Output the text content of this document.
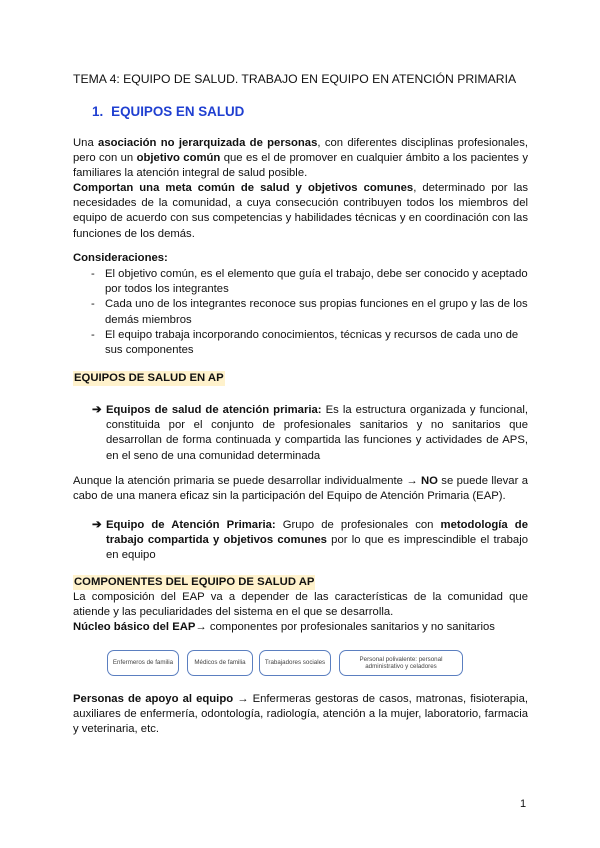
TEMA 4: EQUIPO DE SALUD. TRABAJO EN EQUIPO EN ATENCIÓN PRIMARIA
1. EQUIPOS EN SALUD

Una asociación no jerarquizada de personas, con diferentes disciplinas profesionales, pero con un objetivo común que es el de promover en cualquier ámbito a los pacientes y familiares la atención integral de salud posible.

Comportan una meta común de salud y objetivos comunes, determinado por las necesidades de la comunidad, a cuya consecución contribuyen todos los miembros del equipo de acuerdo con sus competencias y habilidades técnicas y en coordinación con las funciones de los demás.

Consideraciones:
- El objetivo común, es el elemento que guía el trabajo, debe ser conocido y aceptado por todos los integrantes
- Cada uno de los integrantes reconoce sus propias funciones en el grupo y las de los demás miembros
- El equipo trabaja incorporando conocimientos, técnicas y recursos de cada uno de sus componentes
EQUIPOS DE SALUD EN AP
➔ Equipos de salud de atención primaria: Es la estructura organizada y funcional, constituida por el conjunto de profesionales sanitarios y no sanitarios que desarrollan de forma continuada y compartida las funciones y actividades de APS, en el seno de una comunidad determinada

Aunque la atención primaria se puede desarrollar individualmente → NO se puede llevar a cabo de una manera eficaz sin la participación del Equipo de Atención Primaria (EAP).

➔ Equipo de Atención Primaria: Grupo de profesionales con metodología de trabajo compartida y objetivos comunes por lo que es imprescindible el trabajo en equipo
COMPONENTES DEL EQUIPO DE SALUD AP

La composición del EAP va a depender de las características de la comunidad que atiende y las peculiaridades del sistema en el que se desarrolla.

Núcleo básico del EAP→ componentes por profesionales sanitarios y no sanitarios

Enfermeros de familia	Médicos de familia	Trabajadores sociales
Personal polivalente: personal administrativo y celadores

Personas de apoyo al equipo → Enfermeras gestoras de casos, matronas, fisioterapia, auxiliares de enfermería, odontología, radiología, atención a la mujer, laboratorio, farmacia y veterinaria, etc.

1
